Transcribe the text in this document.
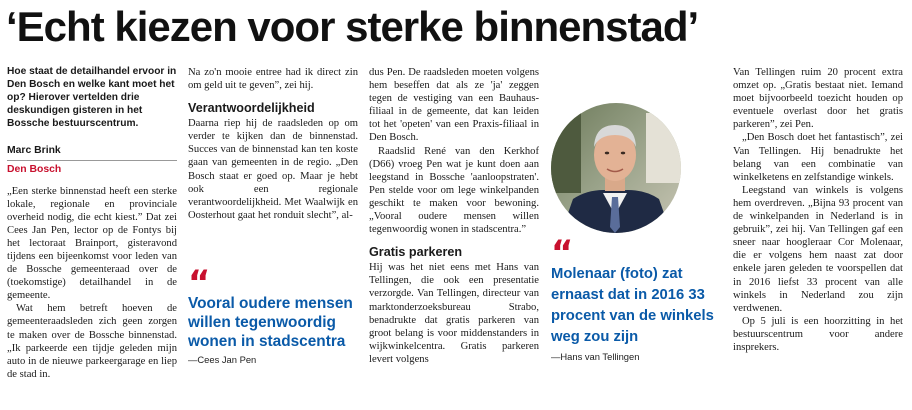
‘Echt kiezen voor sterke binnenstad’
Hoe staat de detailhandel ervoor in Den Bosch en welke kant moet het op? Hierover vertelden drie deskundigen gisteren in het Bossche bestuurscentrum.
Marc Brink
Den Bosch

„Een sterke binnenstad heeft een sterke lokale, regionale en provinciale overheid nodig, die echt kiest.” Dat zei Cees Jan Pen, lector op de Fontys bij het lectoraat Brainport, gisteravond tijdens een bijeenkomst voor leden van de Bossche gemeenteraad over de (toekomstige) detailhandel in de gemeente.

Wat hem betreft hoeven de gemeenteraadsleden zich geen zorgen te maken over de Bossche binnenstad. „Ik parkeerde een tijdje geleden mijn auto in de nieuwe parkeergarage en liep de stad in.

Na zo'n mooie entree had ik direct zin om geld uit te geven”, zei hij.

Verantwoordelijkheid

Daarna riep hij de raadsleden op om verder te kijken dan de binnenstad. Succes van de binnenstad kan ten koste gaan van gemeenten in de regio. „Den Bosch staat er goed op. Maar je hebt ook een regionale verantwoordelijkheid. Met Waalwijk en Oosterhout gaat het ronduit slecht”, al-

“
Vooral oudere mensen willen tegenwoordig wonen in stadscentra
—Cees Jan Pen

dus Pen. De raadsleden moeten volgens hem beseffen dat als ze 'ja' zeggen tegen de vestiging van een Bauhaus-filiaal in de gemeente, dat kan leiden tot het 'opeten' van een Praxis-filiaal in Den Bosch.

Raadslid René van den Kerkhof (D66) vroeg Pen wat je kunt doen aan leegstand in Bossche 'aanloopstraten'. Pen stelde voor om lege winkelpanden geschikt te maken voor bewoning. „Vooral oudere mensen willen tegenwoordig wonen in stadscentra.”

Gratis parkeren

Hij was het niet eens met Hans van Tellingen, die ook een presentatie verzorgde. Van Tellingen, directeur van marktonderzoeksbureau Strabo, benadrukte dat gratis parkeren van groot belang is voor middenstanders in wijkwinkelcentra. Gratis parkeren levert volgens

“
Molenaar (foto) zat ernaast dat in 2016 33 procent van de winkels weg zou zijn
—Hans van Tellingen

Van Tellingen ruim 20 procent extra omzet op. „Gratis bestaat niet. Iemand moet bijvoorbeeld toezicht houden op eventuele overlast door het gratis parkeren”, zei Pen.

„Den Bosch doet het fantastisch”, zei Van Tellingen. Hij benadrukte het belang van een combinatie van winkelketens en zelfstandige winkels.

Leegstand van winkels is volgens hem overdreven. „Bijna 93 procent van de winkelpanden in Nederland is in gebruik”, zei hij. Van Tellingen gaf een sneer naar hoogleraar Cor Molenaar, die er volgens hem naast zat door enkele jaren geleden te voorspellen dat in 2016 liefst 33 procent van alle winkels in Nederland zou zijn verdwenen.

Op 5 juli is een hoorzitting in het bestuurscentrum voor andere insprekers.
